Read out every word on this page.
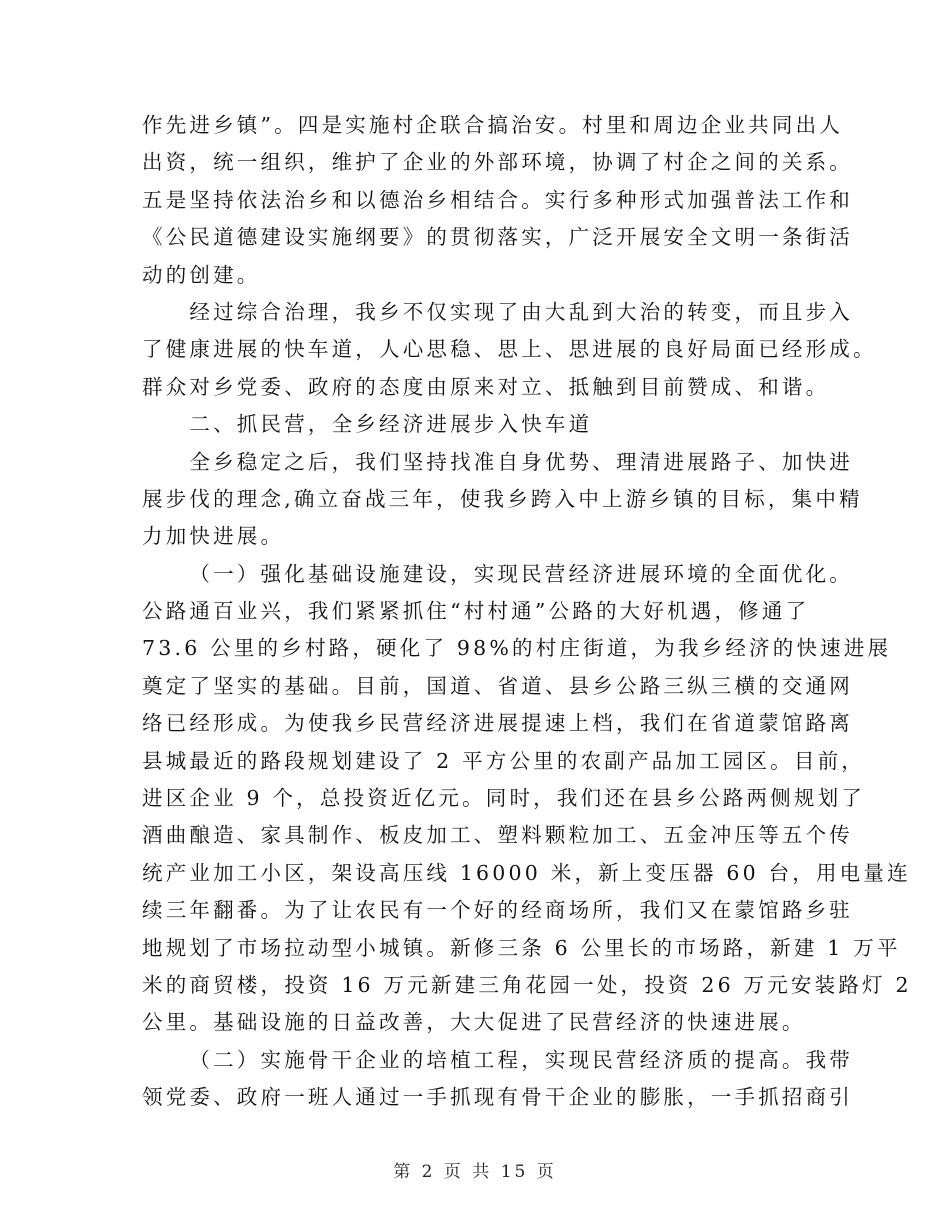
作先进乡镇”。四是实施村企联合搞治安。村里和周边企业共同出人
出资，统一组织，维护了企业的外部环境，协调了村企之间的关系。
五是坚持依法治乡和以德治乡相结合。实行多种形式加强普法工作和
《公民道德建设实施纲要》的贯彻落实，广泛开展安全文明一条街活
动的创建。
经过综合治理，我乡不仅实现了由大乱到大治的转变，而且步入
了健康进展的快车道，人心思稳、思上、思进展的良好局面已经形成。
群众对乡党委、政府的态度由原来对立、抵触到目前赞成、和谐。
二、抓民营，全乡经济进展步入快车道
全乡稳定之后，我们坚持找准自身优势、理清进展路子、加快进
展步伐的理念,确立奋战三年，使我乡跨入中上游乡镇的目标，集中精
力加快进展。
（一）强化基础设施建设，实现民营经济进展环境的全面优化。
公路通百业兴，我们紧紧抓住“村村通”公路的大好机遇，修通了
73.6 公里的乡村路，硬化了 98%的村庄街道，为我乡经济的快速进展
奠定了坚实的基础。目前，国道、省道、县乡公路三纵三横的交通网
络已经形成。为使我乡民营经济进展提速上档，我们在省道蒙馆路离
县城最近的路段规划建设了 2 平方公里的农副产品加工园区。目前，
进区企业 9 个，总投资近亿元。同时，我们还在县乡公路两侧规划了
酒曲酿造、家具制作、板皮加工、塑料颗粒加工、五金冲压等五个传
统产业加工小区，架设高压线 16000 米，新上变压器 60 台，用电量连
续三年翻番。为了让农民有一个好的经商场所，我们又在蒙馆路乡驻
地规划了市场拉动型小城镇。新修三条 6 公里长的市场路，新建 1 万平
米的商贸楼，投资 16 万元新建三角花园一处，投资 26 万元安装路灯 2
公里。基础设施的日益改善，大大促进了民营经济的快速进展。
（二）实施骨干企业的培植工程，实现民营经济质的提高。我带
领党委、政府一班人通过一手抓现有骨干企业的膨胀，一手抓招商引
第 2 页 共 15 页
